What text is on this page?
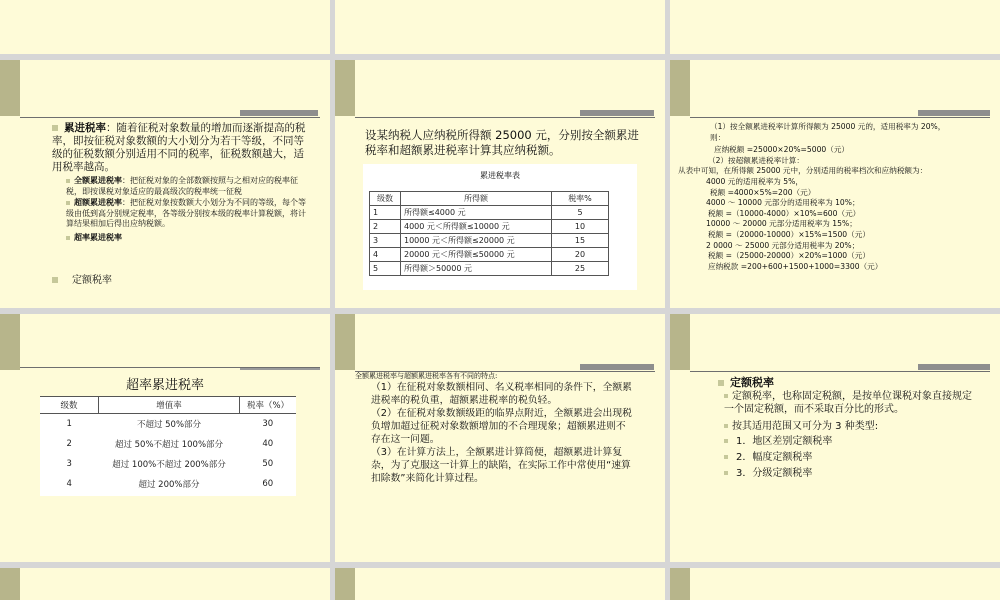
累进税率：随着征税对象数量的增加而逐渐提高的税率，即按征税对象数额的大小划分为若干等级，不同等级的征税数额分别适用不同的税率，征税数额越大，适用税率越高。
全额累进税率：把征税对象的全部数额按照与之相对应的税率征税，即按课税对象适应的最高级次的税率统一征税
超额累进税率：把征税对象按数额大小划分为不同的等级，每个等级由低到高分别规定税率，各等级分别按本级的税率计算税额，将计算结果相加后得出应纳税额。
超率累进税率
定额税率
设某纳税人应纳税所得额 25000 元，分别按全额累进税率和超额累进税率计算其应纳税额。
累进税率表
级数	所得额	税率%
1	所得额≤4000 元	5
2	4000 元＜所得额≤10000 元	10
3	10000 元＜所得额≤20000 元	15
4	20000 元＜所得额≤50000 元	20
5	所得额＞50000 元	25
（1）按全额累进税率计算所得额为 25000 元的，适用税率为 20%，
则：
应纳税额 =25000×20%=5000（元）
（2）按超额累进税率计算：
从表中可知，在所得额 25000 元中，分别适用的税率档次和应纳税额为：
4000 元的适用税率为 5%，
税额 =4000×5%=200（元）
4000 ～ 10000 元部分的适用税率为 10%；
税额 =（10000-4000）×10%=600（元）
10000 ～ 20000 元部分适用税率为 15%；
税额 =（20000-10000）×15%=1500（元）
2 0000 ～ 25000 元部分适用税率为 20%；
税额 =（25000-20000）×20%=1000（元）
应纳税款 =200+600+1500+1000=3300（元）
超率累进税率
级数	增值率	税率（%）
1	不超过 50%部分	30
2	超过 50%不超过 100%部分	40
3	超过 100%不超过 200%部分	50
4	超过 200%部分	60
全额累进税率与超额累进税率各有不同的特点:
（1）在征税对象数额相同、名义税率相同的条件下，全额累进税率的税负重，超额累进税率的税负轻。
（2）在征税对象数额级距的临界点附近，全额累进会出现税负增加超过征税对象数额增加的不合理现象；超额累进则不存在这一问题。
（3）在计算方法上，全额累进计算简便，超额累进计算复杂，为了克服这一计算上的缺陷，在实际工作中常使用“速算扣除数”来简化计算过程。
定额税率
定额税率，也称固定税额，是按单位课税对象直接规定一个固定税额，而不采取百分比的形式。
按其适用范围又可分为 3 种类型:
1．地区差别定额税率
2．幅度定额税率
3．分级定额税率
